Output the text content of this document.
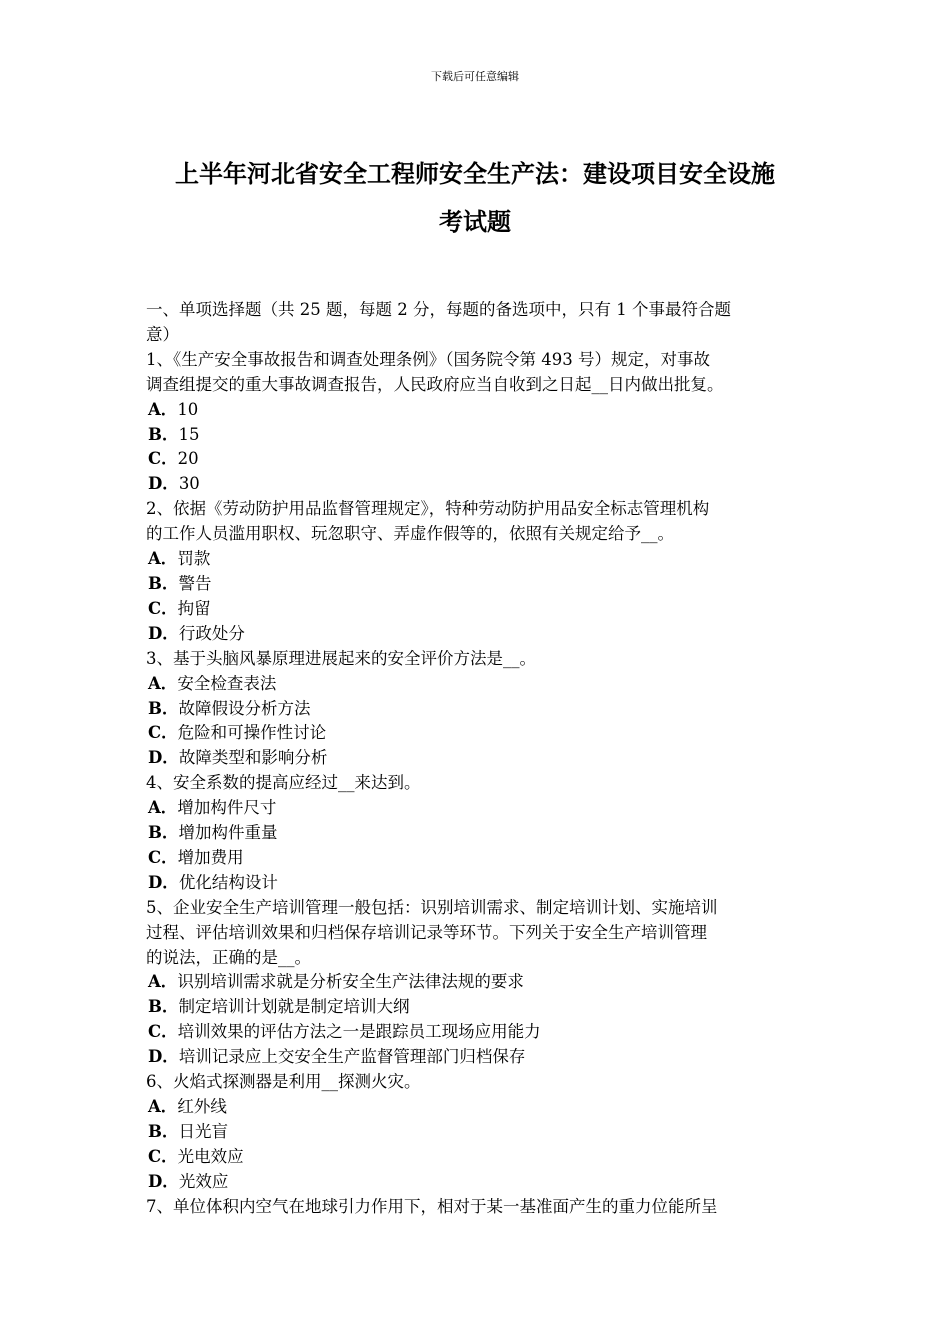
下载后可任意编辑
上半年河北省安全工程师安全生产法：建设项目安全设施
考试题
一、单项选择题（共 25 题，每题 2 分，每题的备选项中，只有 1 个事最符合题
意）
1、《生产安全事故报告和调查处理条例》（国务院令第 493 号）规定，对事故
调查组提交的重大事故调查报告，人民政府应当自收到之日起__日内做出批复。
A．10
B．15
C．20
D．30
2、依据《劳动防护用品监督管理规定》，特种劳动防护用品安全标志管理机构
的工作人员滥用职权、玩忽职守、弄虚作假等的，依照有关规定给予__。
A．罚款
B．警告
C．拘留
D．行政处分
3、基于头脑风暴原理进展起来的安全评价方法是__。
A．安全检查表法
B．故障假设分析方法
C．危险和可操作性讨论
D．故障类型和影响分析
4、安全系数的提高应经过__来达到。
A．增加构件尺寸
B．增加构件重量
C．增加费用
D．优化结构设计
5、企业安全生产培训管理一般包括：识别培训需求、制定培训计划、实施培训
过程、评估培训效果和归档保存培训记录等环节。下列关于安全生产培训管理
的说法，正确的是__。
A．识别培训需求就是分析安全生产法律法规的要求
B．制定培训计划就是制定培训大纲
C．培训效果的评估方法之一是跟踪员工现场应用能力
D．培训记录应上交安全生产监督管理部门归档保存
6、火焰式探测器是利用__探测火灾。
A．红外线
B．日光盲
C．光电效应
D．光效应
7、单位体积内空气在地球引力作用下，相对于某一基准面产生的重力位能所呈
